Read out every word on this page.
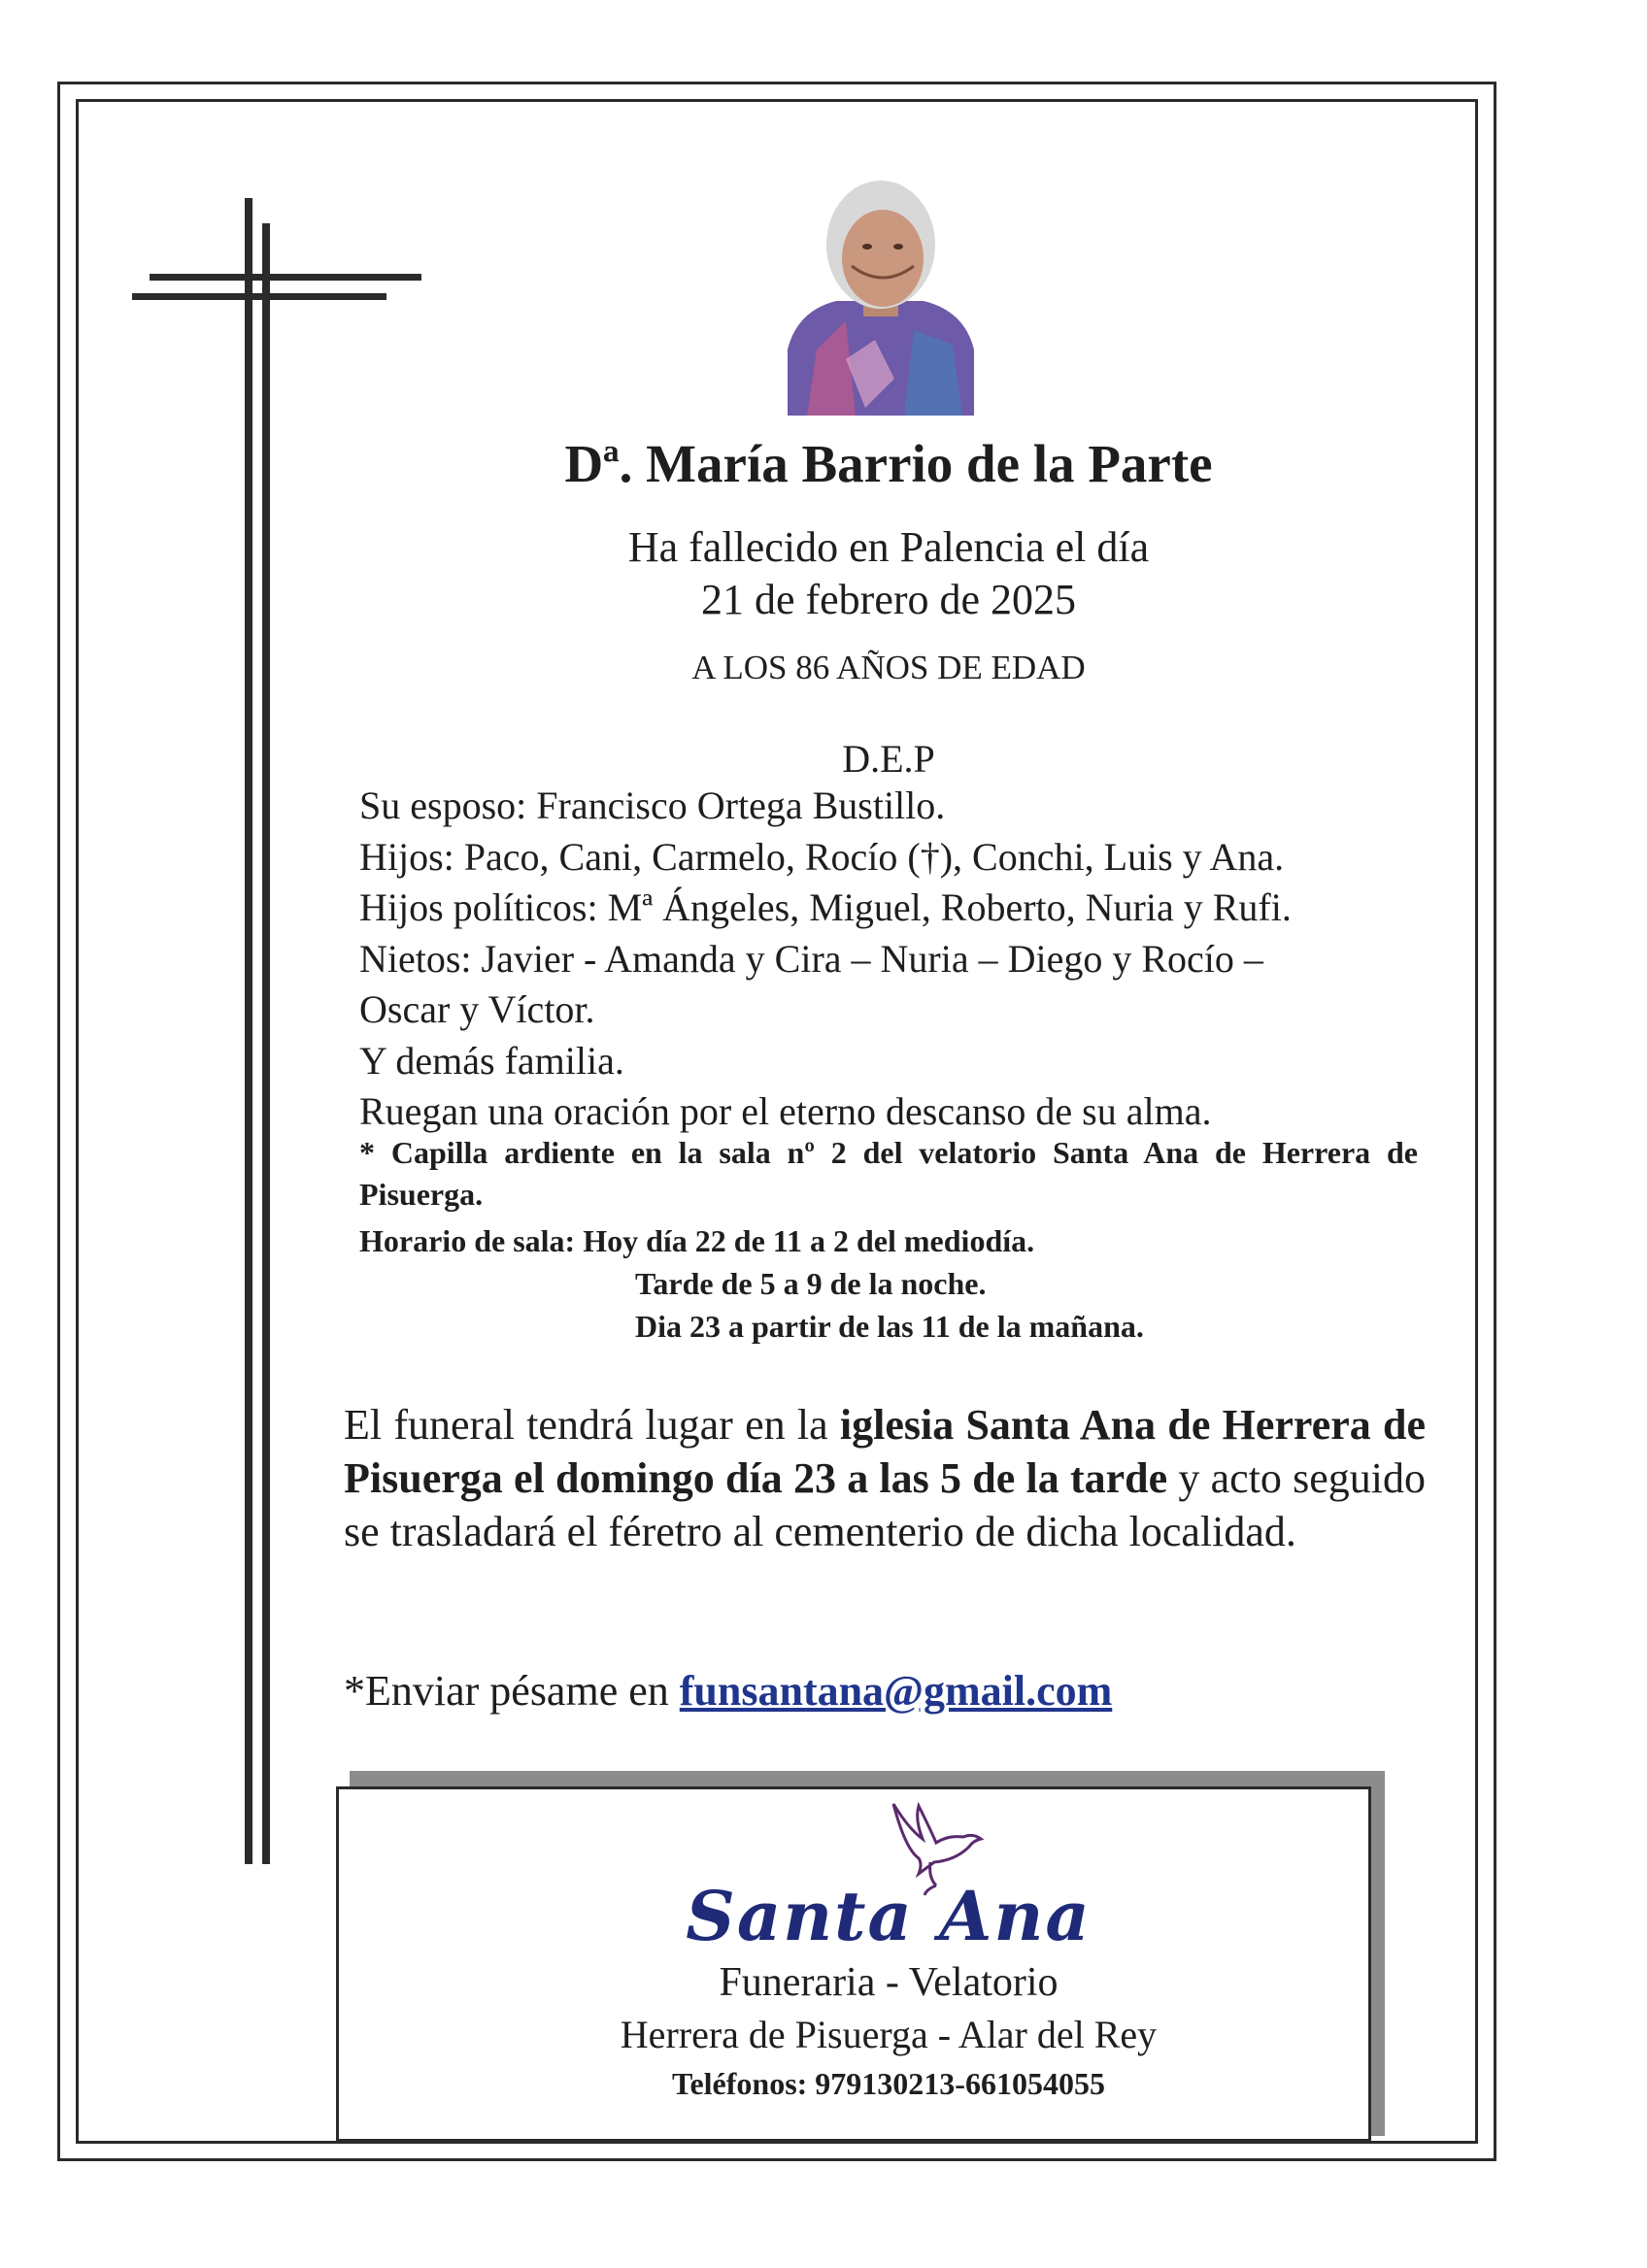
Dª. María Barrio de la Parte
Ha fallecido en Palencia el día
21 de febrero de 2025
A LOS 86 AÑOS DE EDAD
D.E.P
Su esposo: Francisco Ortega Bustillo.
Hijos: Paco, Cani, Carmelo, Rocío (†), Conchi, Luis y Ana.
Hijos políticos: Mª Ángeles, Miguel, Roberto, Nuria y Rufi.
Nietos: Javier - Amanda y Cira – Nuria – Diego y Rocío –
Oscar y Víctor.
Y demás familia.
Ruegan una oración por el eterno descanso de su alma.
* Capilla ardiente en la sala nº 2 del velatorio Santa Ana de Herrera de Pisuerga.
Horario de sala: Hoy día 22 de 11 a 2 del mediodía.
Tarde de 5 a 9 de la noche.
Dia 23 a partir de las 11 de la mañana.
El funeral tendrá lugar en la iglesia Santa Ana de Herrera de Pisuerga el domingo día 23 a las 5 de la tarde y acto seguido se trasladará el féretro al cementerio de dicha localidad.
*Enviar pésame en funsantana@gmail.com
Santa Ana
Funeraria - Velatorio
Herrera de Pisuerga - Alar del Rey
Teléfonos: 979130213-661054055
